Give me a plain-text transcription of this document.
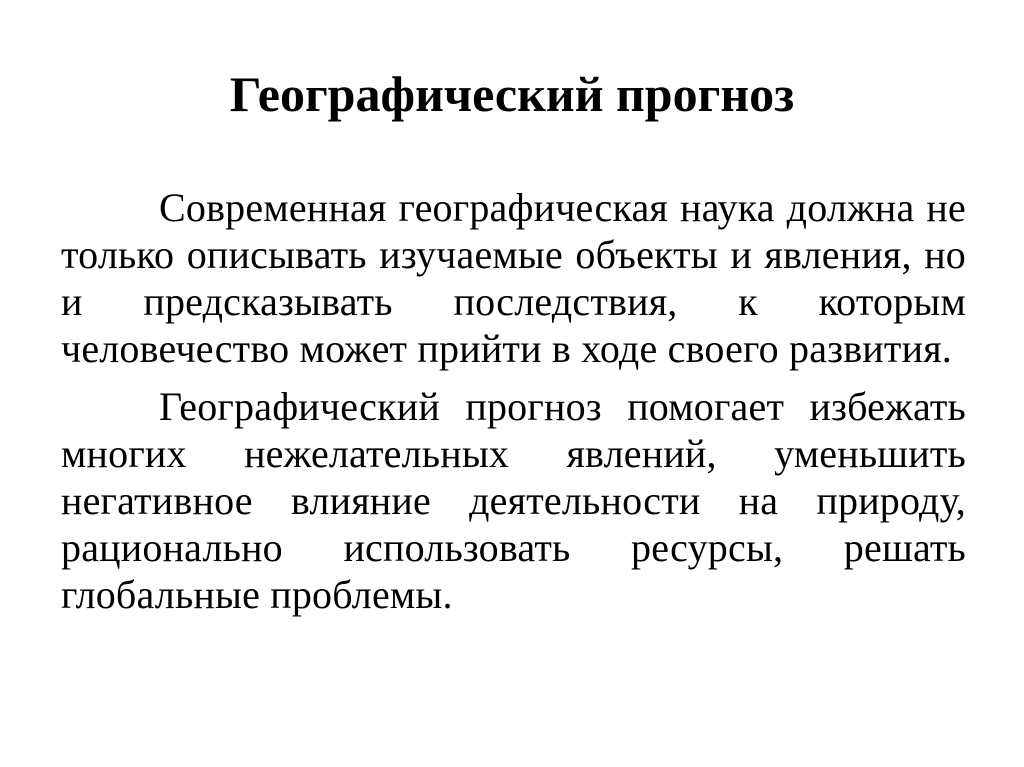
Географический прогноз

Современная географическая наука должна не только описывать изучаемые объекты и явления, но и предсказывать последствия, к которым человечество может прийти в ходе своего развития.

Географический прогноз помогает избежать многих нежелательных явлений, уменьшить негативное влияние деятельности на природу, рационально использовать ресурсы, решать глобальные проблемы.
